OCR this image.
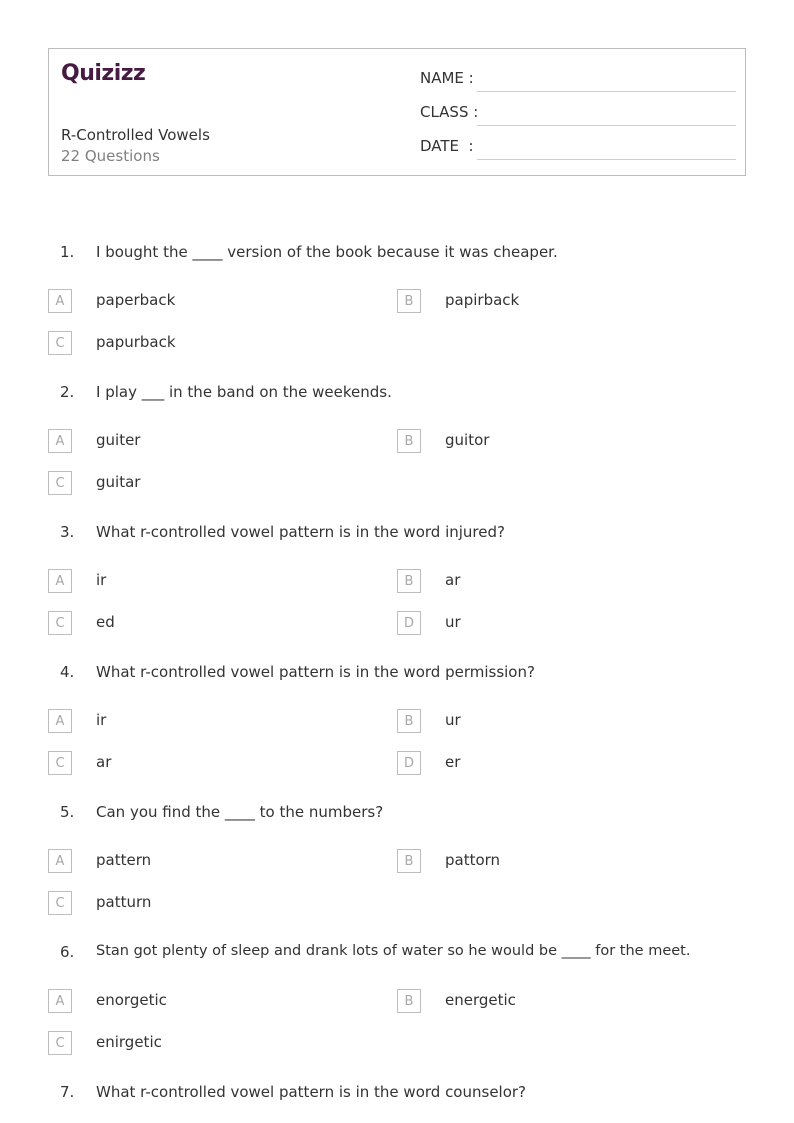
Quizizz
R-Controlled Vowels
22 Questions
NAME :
CLASS :
DATE  :
1. I bought the ____ version of the book because it was cheaper.
A	paperback	B	papirback
C	papurback
2. I play ___ in the band on the weekends.
A	guiter	B	guitor
C	guitar
3. What r-controlled vowel pattern is in the word injured?
A	ir	B	ar
C	ed	D	ur
4. What r-controlled vowel pattern is in the word permission?
A	ir	B	ur
C	ar	D	er
5. Can you find the ____ to the numbers?
A	pattern	B	pattorn
C	patturn
6. Stan got plenty of sleep and drank lots of water so he would be ____ for the meet.
A	enorgetic	B	energetic
C	enirgetic
7. What r-controlled vowel pattern is in the word counselor?
